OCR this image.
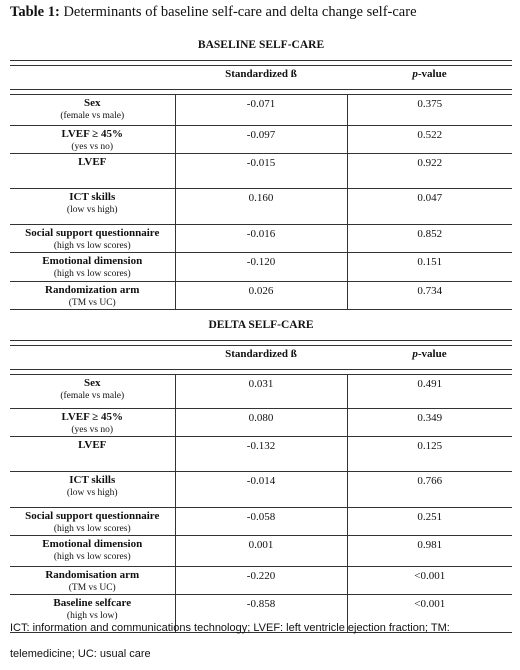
Table 1: Determinants of baseline self-care and delta change self-care
BASELINE SELF-CARE		

	Standardized ß	p-value

Sex
(female vs male)	-0.071	0.375

LVEF ≥ 45%
(yes vs no)	-0.097	0.522

LVEF	-0.015	0.922

ICT skills
(low vs high)	0.160	0.047

Social support questionnaire
(high vs low scores)	-0.016	0.852

Emotional dimension
(high vs low scores)	-0.120	0.151

Randomization arm
(TM vs UC)	0.026	0.734
DELTA SELF-CARE		

	Standardized ß	p-value

Sex
(female vs male)	0.031	0.491

LVEF ≥ 45%
(yes vs no)	0.080	0.349

LVEF	-0.132	0.125

ICT skills
(low vs high)	-0.014	0.766

Social support questionnaire
(high vs low scores)	-0.058	0.251

Emotional dimension
(high vs low scores)	0.001	0.981

Randomisation arm
(TM vs UC)	-0.220	<0.001

Baseline selfcare
(high vs low)	-0.858	<0.001
ICT: information and communications technology; LVEF: left ventricle ejection fraction; TM: telemedicine; UC: usual care
